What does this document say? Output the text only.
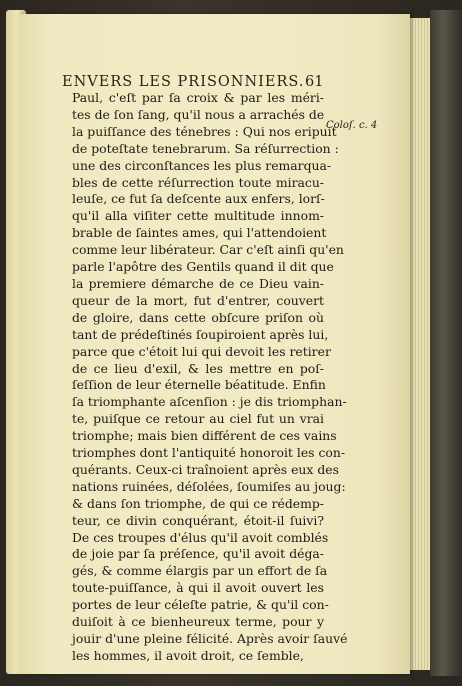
ENVERS LES PRISONNIERS. 61
Coloſ. c. 4
Paul, c'eſt par ſa croix & par les méri-
tes de ſon ſang, qu'il nous a arrachés de
la puiſſance des ténebres : Qui nos eripuit
de poteſtate tenebrarum. Sa réſurrection :
une des circonſtances les plus remarqua-
bles de cette réſurrection toute miracu-
leuſe, ce fut ſa deſcente aux enfers, lorſ-
qu'il alla viſiter cette multitude innom-
brable de ſaintes ames, qui l'attendoient
comme leur libérateur. Car c'eſt ainſi qu'en
parle l'apôtre des Gentils quand il dit que
la premiere démarche de ce Dieu vain-
queur de la mort, fut d'entrer, couvert
de gloire, dans cette obſcure priſon où
tant de prédeſtinés ſoupiroient après lui,
parce que c'étoit lui qui devoit les retirer
de ce lieu d'exil, & les mettre en poſ-
ſeſſion de leur éternelle béatitude. Enfin
ſa triomphante aſcenſion : je dis triomphan-
te, puiſque ce retour au ciel fut un vrai
triomphe; mais bien différent de ces vains
triomphes dont l'antiquité honoroit les con-
quérants. Ceux-ci traînoient après eux des
nations ruinées, déſolées, ſoumiſes au joug:
& dans ſon triomphe, de qui ce rédemp-
teur, ce divin conquérant, étoit-il ſuivi?
De ces troupes d'élus qu'il avoit comblés
de joie par ſa préſence, qu'il avoit déga-
gés, & comme élargis par un effort de ſa
toute-puiſſance, à qui il avoit ouvert les
portes de leur céleſte patrie, & qu'il con-
duiſoit à ce bienheureux terme, pour y
jouir d'une pleine félicité. Après avoir ſauvé
les hommes, il avoit droit, ce ſemble,
